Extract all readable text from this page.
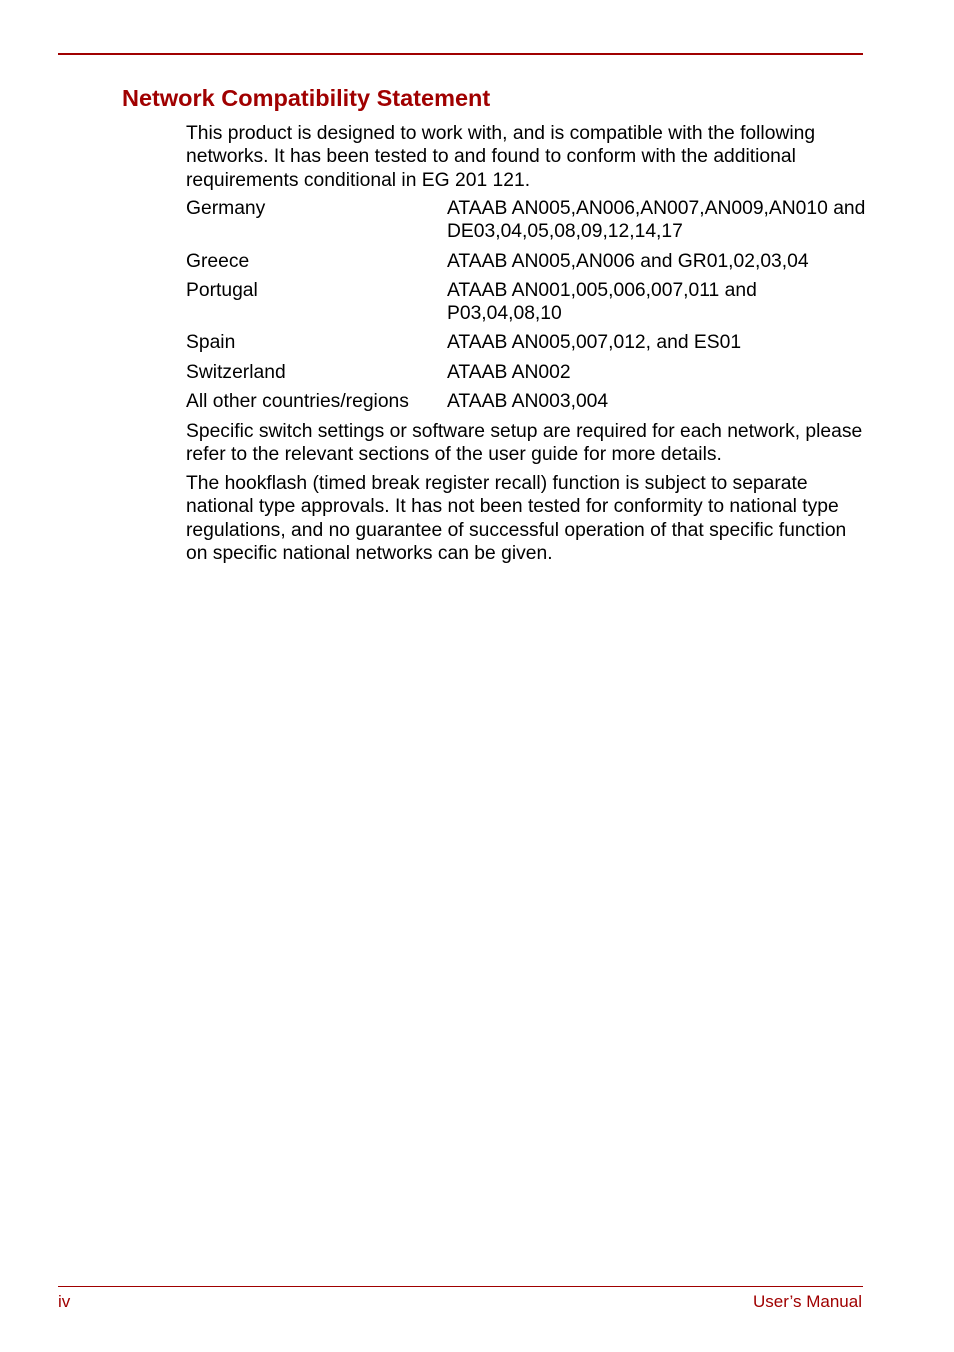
Network Compatibility Statement

This product is designed to work with, and is compatible with the following networks. It has been tested to and found to conform with the additional requirements conditional in EG 201 121.

Germany	ATAAB AN005,AN006,AN007,AN009,AN010 and DE03,04,05,08,09,12,14,17
Greece	ATAAB AN005,AN006 and GR01,02,03,04
Portugal	ATAAB AN001,005,006,007,011 and P03,04,08,10
Spain	ATAAB AN005,007,012, and ES01
Switzerland	ATAAB AN002
All other countries/regions	ATAAB AN003,004

Specific switch settings or software setup are required for each network, please refer to the relevant sections of the user guide for more details.

The hookflash (timed break register recall) function is subject to separate national type approvals. It has not been tested for conformity to national type regulations, and no guarantee of successful operation of that specific function on specific national networks can be given.

iv	User’s Manual
